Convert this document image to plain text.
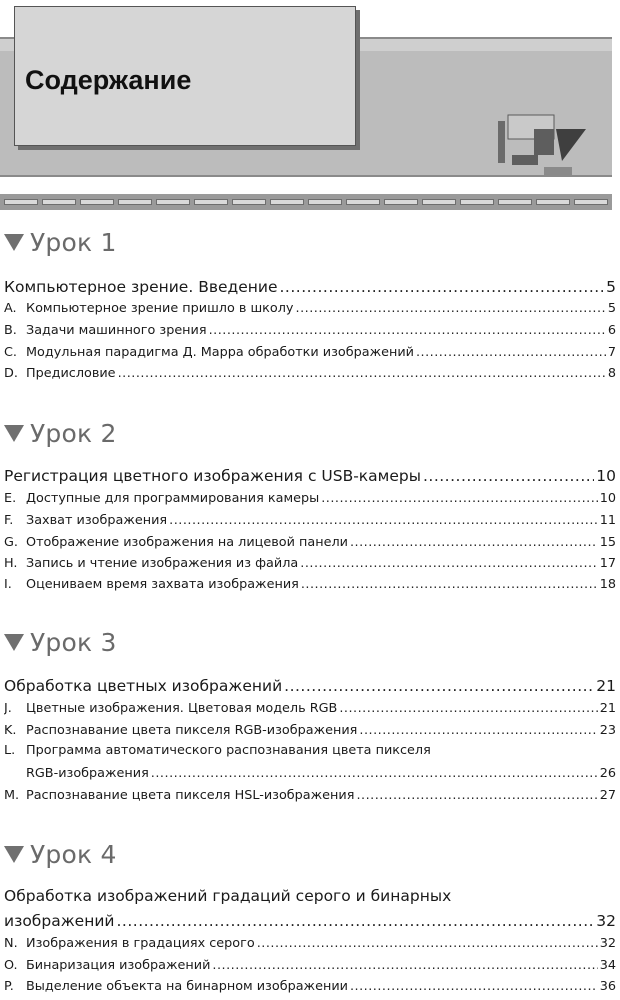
Содержание
Урок 1
Компьютерное зрение. Введение .....	5
A. Компьютерное зрение пришло в школу .....	5
B. Задачи машинного зрения .....	6
C. Модульная парадигма Д. Марра обработки изображений .....	7
D. Предисловие .....	8
Урок 2
Регистрация цветного изображения с USB-камеры .....	10
E. Доступные для программирования камеры .....	10
F. Захват изображения .....	11
G. Отображение изображения на лицевой панели .....	15
H. Запись и чтение изображения из файла .....	17
I.	Оцениваем время захвата изображения .....	18
Урок 3
Обработка цветных изображений .....	21
J.	Цветные изображения. Цветовая модель RGB .....	21
K. Распознавание цвета пикселя RGB-изображения .....	23
L. Программа автоматического распознавания цвета пикселя
RGB-изображения .....	26
M. Распознавание цвета пикселя HSL-изображения .....	27
Урок 4
Обработка изображений градаций серого и бинарных
изображений .....	32
N. Изображения в градациях серого .....	32
O. Бинаризация изображений .....	34
P. Выделение объекта на бинарном изображении .....	36
